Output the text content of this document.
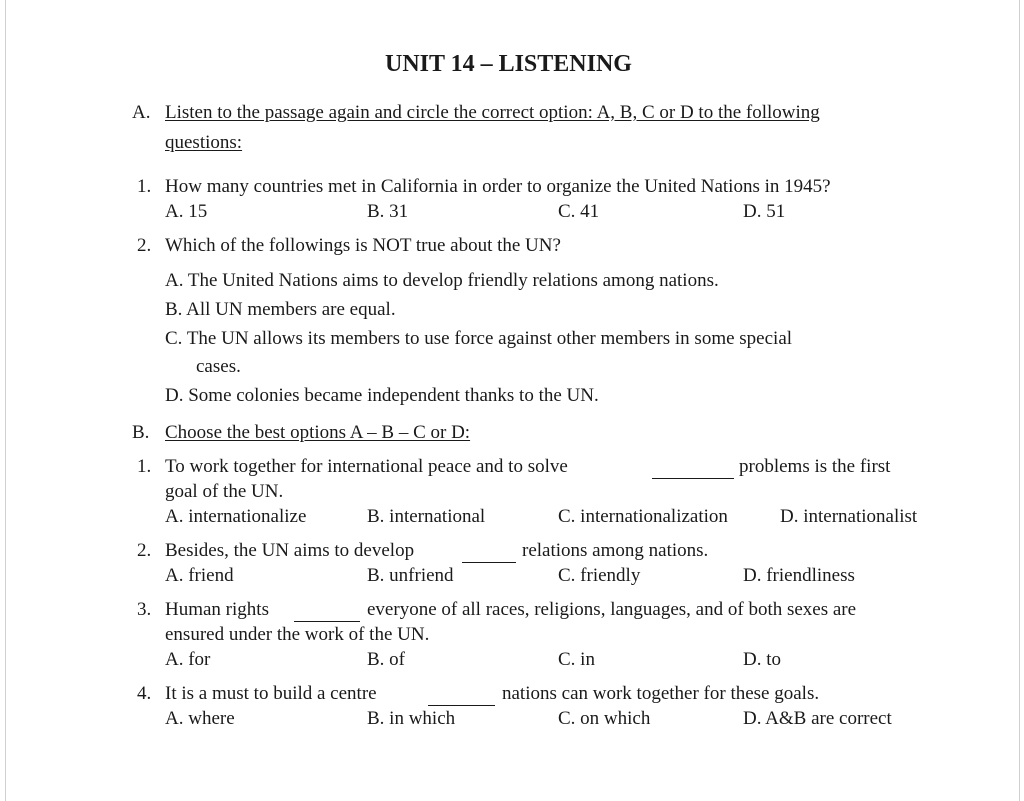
UNIT 14 – LISTENING
A. Listen to the passage again and circle the correct option: A, B, C or D to the following
questions:
1. How many countries met in California in order to organize the United Nations in 1945?
A. 15	B. 31	C. 41	D. 51
2. Which of the followings is NOT true about the UN?
A. The United Nations aims to develop friendly relations among nations.
B. All UN members are equal.
C. The UN allows its members to use force against other members in some special
cases.
D. Some colonies became independent thanks to the UN.
B. Choose the best options A – B – C or D:
1. To work together for international peace and to solve	problems is the first
goal of the UN.
A. internationalize	B. international	C. internationalization	D. internationalist
2. Besides, the UN aims to develop	relations among nations.
A. friend	B. unfriend	C. friendly	D. friendliness
3. Human rights	everyone of all races, religions, languages, and of both sexes are
ensured under the work of the UN.
A. for	B. of	C. in	D. to
4. It is a must to build a centre	nations can work together for these goals.
A. where	B. in which	C. on which	D. A&B are correct
